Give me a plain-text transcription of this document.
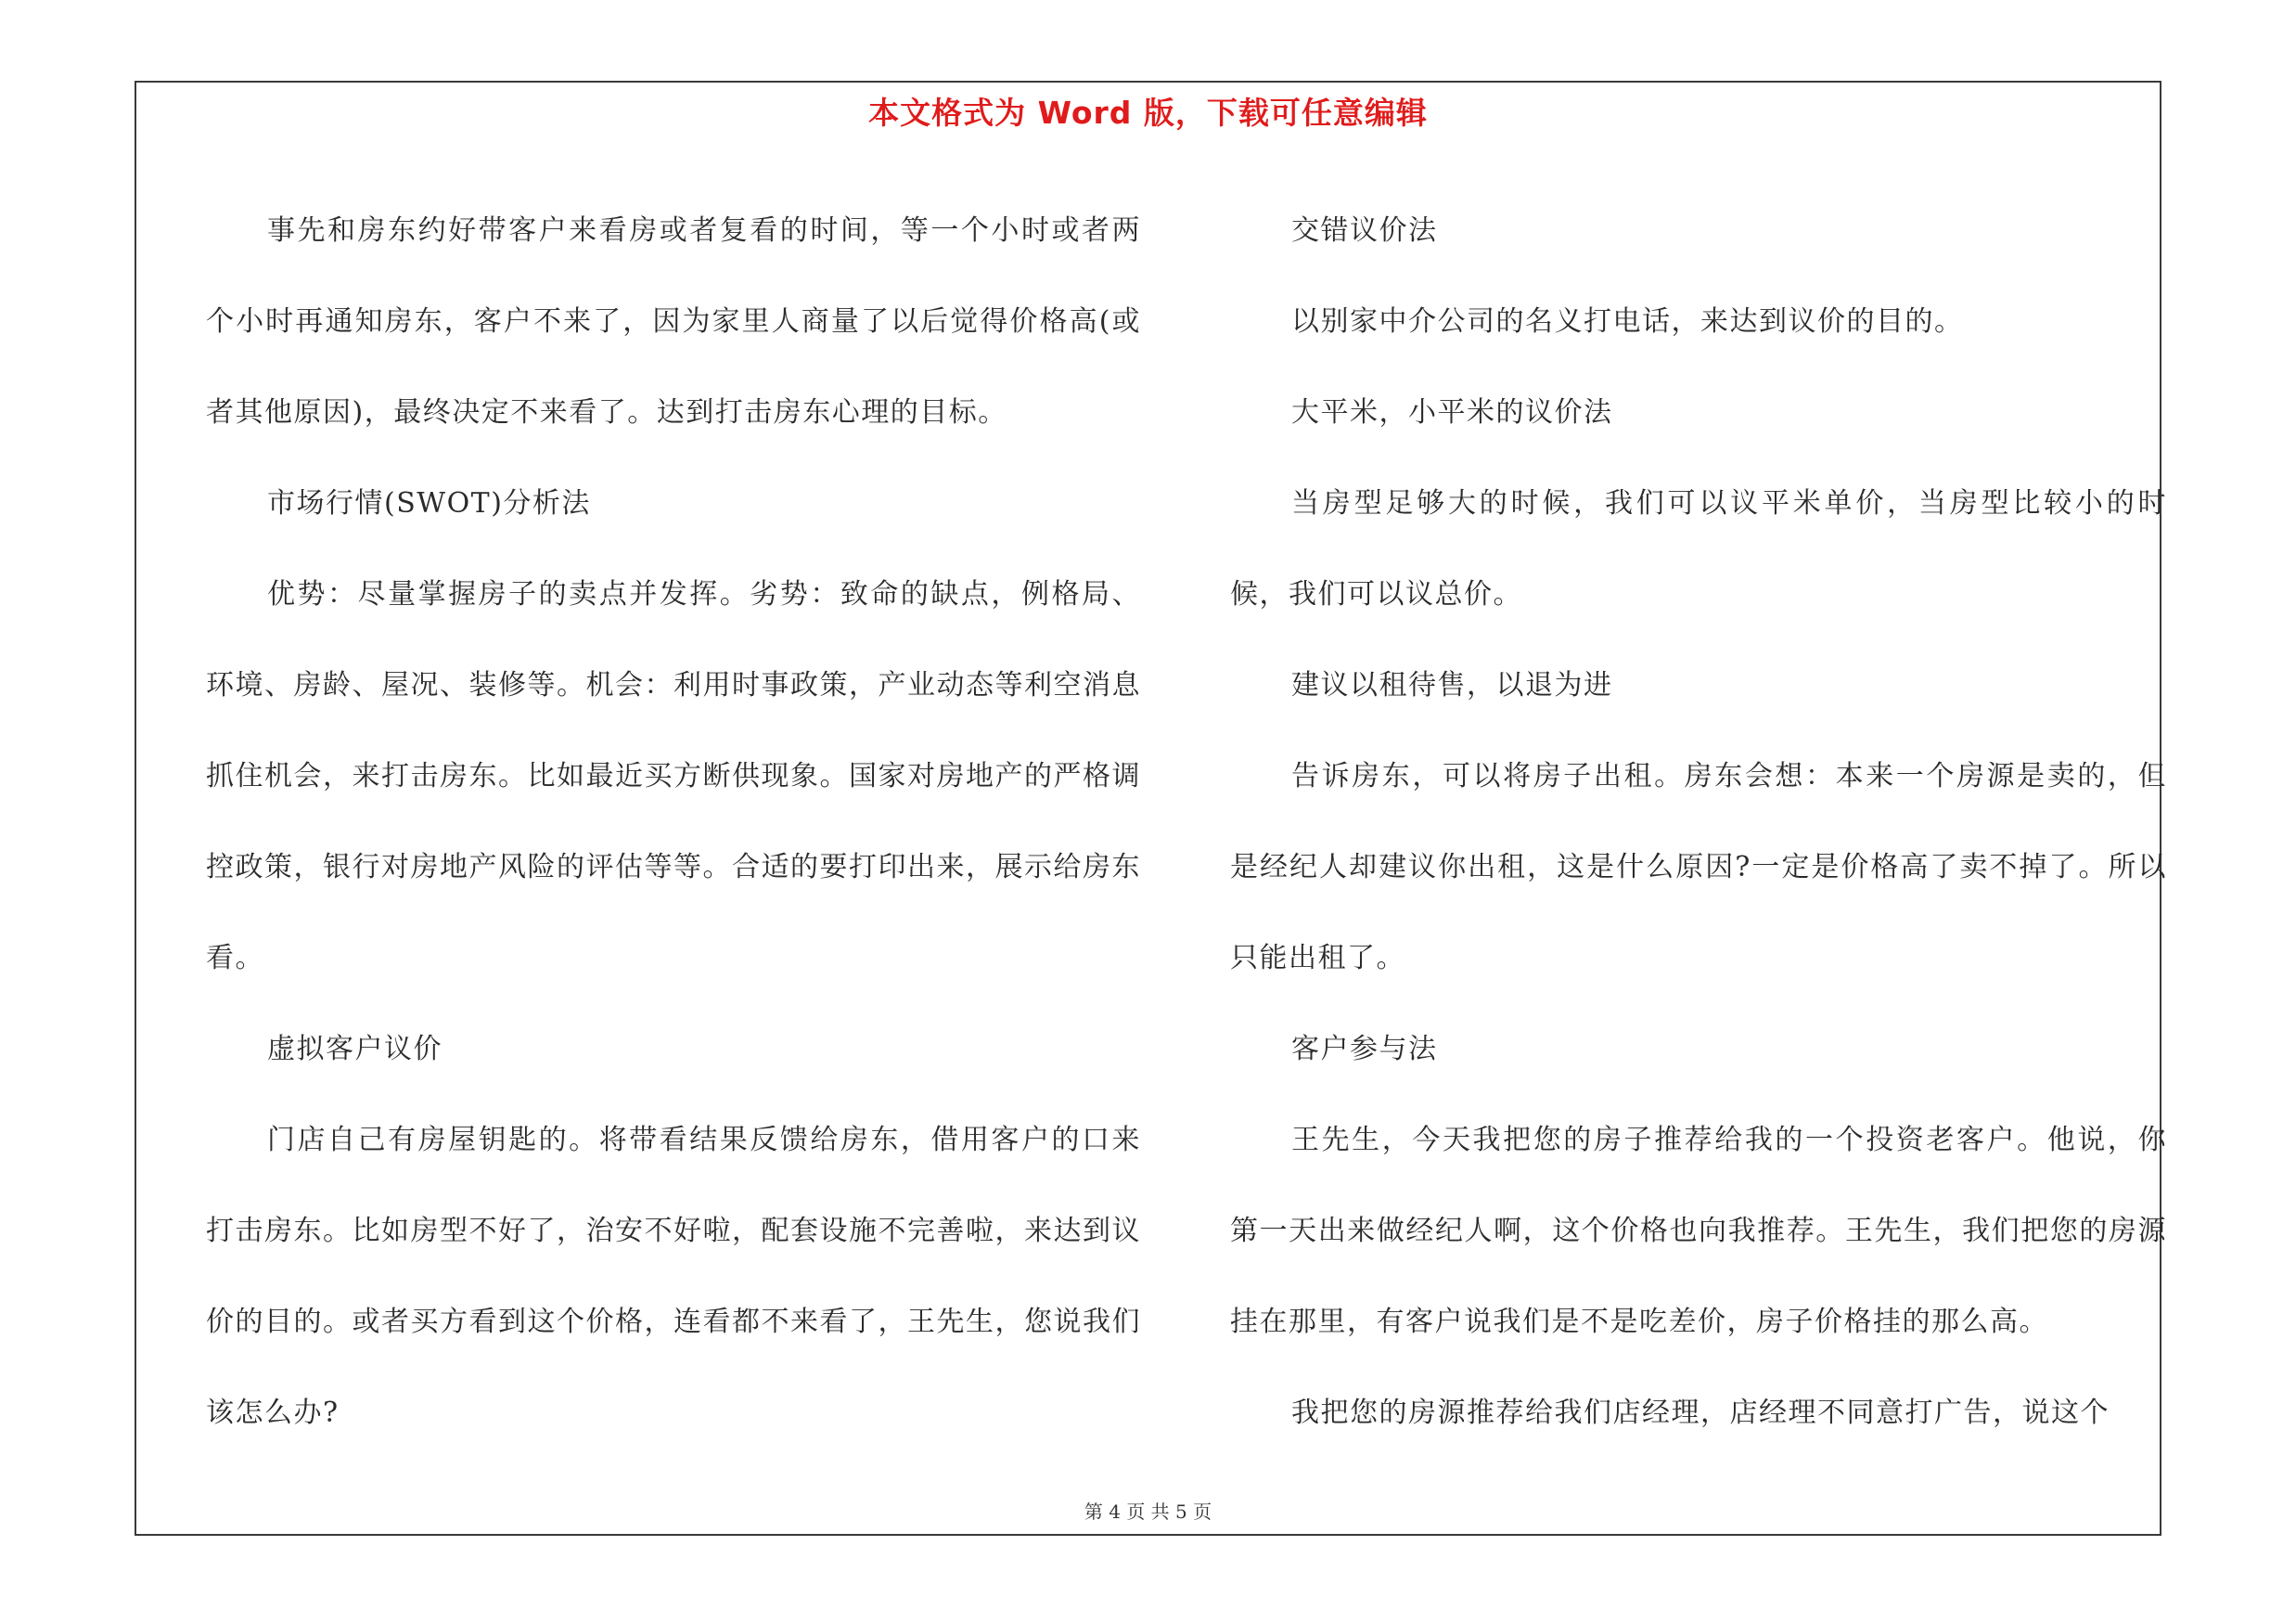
本文格式为 Word 版，下载可任意编辑

事先和房东约好带客户来看房或者复看的时间，等一个小时或者两个小时再通知房东，客户不来了，因为家里人商量了以后觉得价格高(或者其他原因)，最终决定不来看了。达到打击房东心理的目标。

市场行情(SWOT)分析法

优势：尽量掌握房子的卖点并发挥。劣势：致命的缺点，例格局、环境、房龄、屋况、装修等。机会：利用时事政策，产业动态等利空消息抓住机会，来打击房东。比如最近买方断供现象。国家对房地产的严格调控政策，银行对房地产风险的评估等等。合适的要打印出来，展示给房东看。

虚拟客户议价

门店自己有房屋钥匙的。将带看结果反馈给房东，借用客户的口来打击房东。比如房型不好了，治安不好啦，配套设施不完善啦，来达到议价的目的。或者买方看到这个价格，连看都不来看了，王先生，您说我们该怎么办?

交错议价法

以别家中介公司的名义打电话，来达到议价的目的。

大平米，小平米的议价法

当房型足够大的时候，我们可以议平米单价，当房型比较小的时候，我们可以议总价。

建议以租待售，以退为进

告诉房东，可以将房子出租。房东会想：本来一个房源是卖的，但是经纪人却建议你出租，这是什么原因?一定是价格高了卖不掉了。所以只能出租了。

客户参与法

王先生，今天我把您的房子推荐给我的一个投资老客户。他说，你第一天出来做经纪人啊，这个价格也向我推荐。王先生，我们把您的房源挂在那里，有客户说我们是不是吃差价，房子价格挂的那么高。

我把您的房源推荐给我们店经理，店经理不同意打广告，说这个

第 4 页 共 5 页
